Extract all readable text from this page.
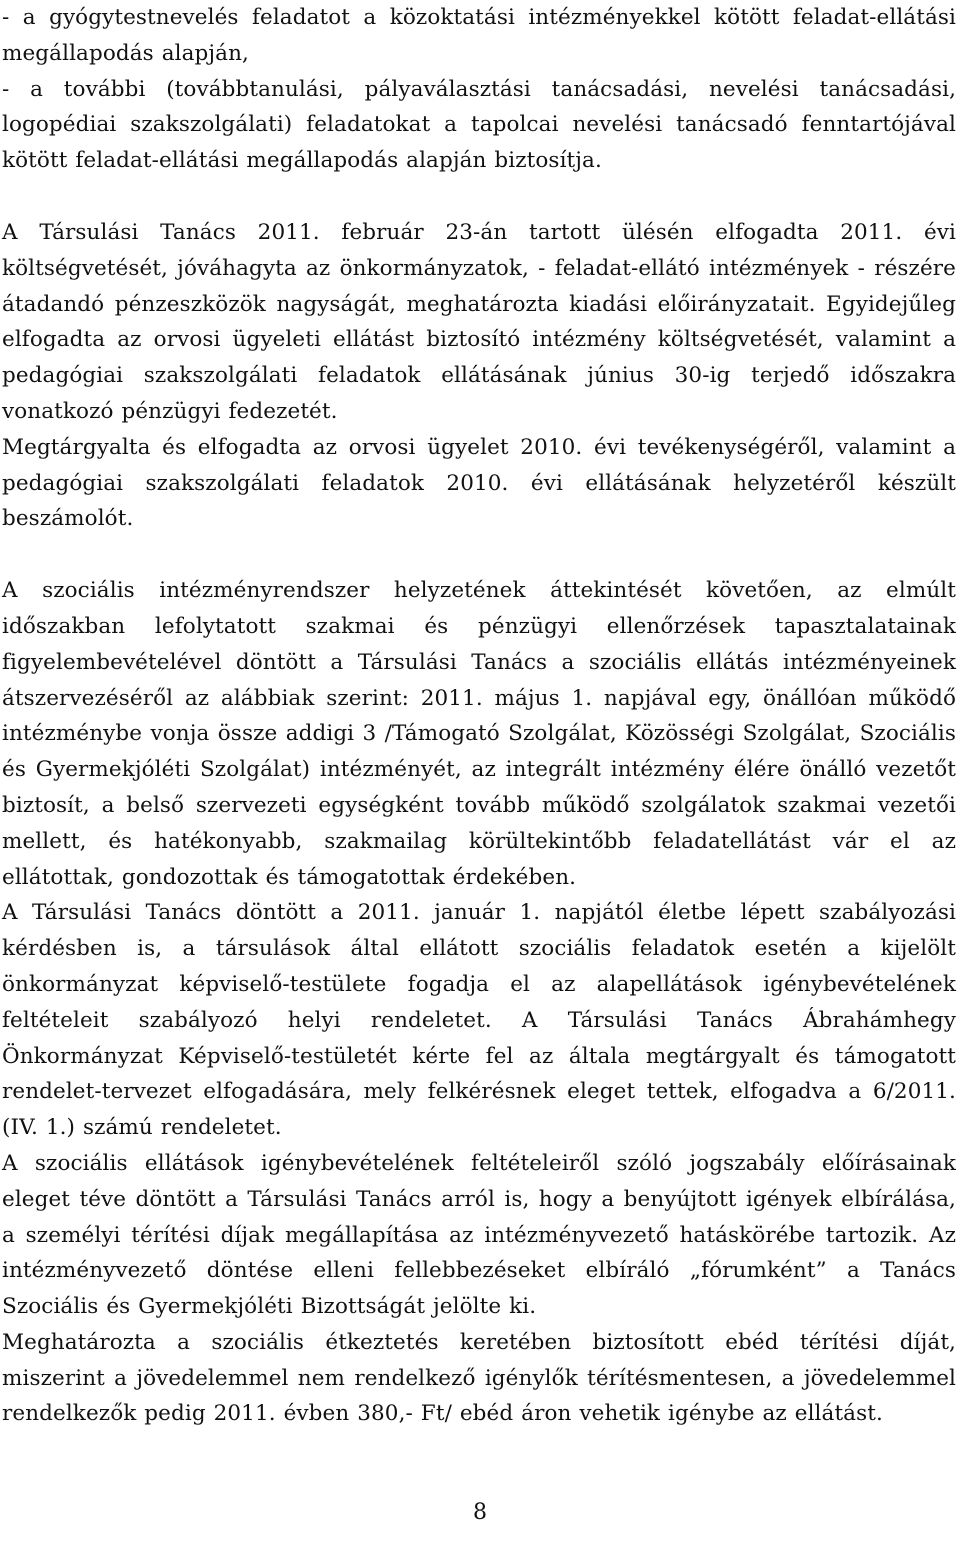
- a gyógytestnevelés feladatot a közoktatási intézményekkel kötött feladat-ellátási megállapodás alapján,

- a további (továbbtanulási, pályaválasztási tanácsadási, nevelési tanácsadási, logopédiai szakszolgálati) feladatokat a tapolcai nevelési tanácsadó fenntartójával kötött feladat-ellátási megállapodás alapján biztosítja.

A Társulási Tanács 2011. február 23-án tartott ülésén elfogadta 2011. évi költségvetését, jóváhagyta az önkormányzatok, - feladat-ellátó intézmények - részére átadandó pénzeszközök nagyságát, meghatározta kiadási előirányzatait. Egyidejűleg elfogadta az orvosi ügyeleti ellátást biztosító intézmény költségvetését, valamint a pedagógiai szakszolgálati feladatok ellátásának június 30-ig terjedő időszakra vonatkozó pénzügyi fedezetét.

Megtárgyalta és elfogadta az orvosi ügyelet 2010. évi tevékenységéről, valamint a pedagógiai szakszolgálati feladatok 2010. évi ellátásának helyzetéről készült beszámolót.

A szociális intézményrendszer helyzetének áttekintését követően, az elmúlt időszakban lefolytatott szakmai és pénzügyi ellenőrzések tapasztalatainak figyelembevételével döntött a Társulási Tanács a szociális ellátás intézményeinek átszervezéséről az alábbiak szerint: 2011. május 1. napjával egy, önállóan működő intézménybe vonja össze addigi 3 /Támogató Szolgálat, Közösségi Szolgálat, Szociális és Gyermekjóléti Szolgálat) intézményét, az integrált intézmény élére önálló vezetőt biztosít, a belső szervezeti egységként tovább működő szolgálatok szakmai vezetői mellett, és hatékonyabb, szakmailag körültekintőbb feladatellátást vár el az ellátottak, gondozottak és támogatottak érdekében.

A Társulási Tanács döntött a 2011. január 1. napjától életbe lépett szabályozási kérdésben is, a társulások által ellátott szociális feladatok esetén a kijelölt önkormányzat képviselő-testülete fogadja el az alapellátások igénybevételének feltételeit szabályozó helyi rendeletet. A Társulási Tanács Ábrahámhegy Önkormányzat Képviselő-testületét kérte fel az általa megtárgyalt és támogatott rendelet-tervezet elfogadására, mely felkérésnek eleget tettek, elfogadva a 6/2011. (IV. 1.) számú rendeletet.

A szociális ellátások igénybevételének feltételeiről szóló jogszabály előírásainak eleget téve döntött a Társulási Tanács arról is, hogy a benyújtott igények elbírálása, a személyi térítési díjak megállapítása az intézményvezető hatáskörébe tartozik. Az intézményvezető döntése elleni fellebbezéseket elbíráló „fórumként” a Tanács Szociális és Gyermekjóléti Bizottságát jelölte ki.

Meghatározta a szociális étkeztetés keretében biztosított ebéd térítési díját, miszerint a jövedelemmel nem rendelkező igénylők térítésmentesen, a jövedelemmel rendelkezők pedig 2011. évben 380,- Ft/ ebéd áron vehetik igénybe az ellátást.

8
